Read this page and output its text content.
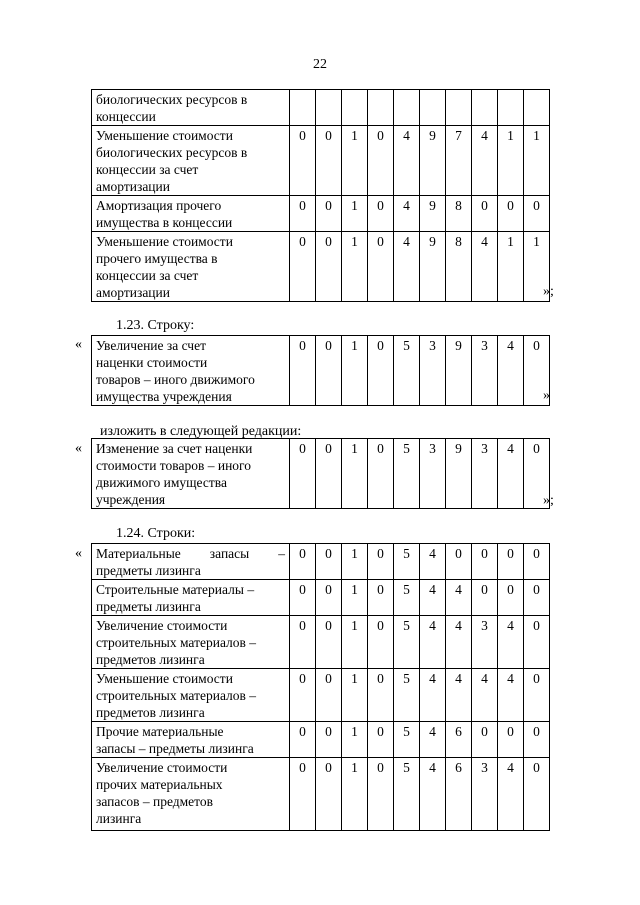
22
биологических ресурсов в
концессии										

Уменьшение стоимости
биологических ресурсов в
концессии за счет
амортизации	0	0	1	0	4	9	7	4	1	1

Амортизация прочего
имущества в концессии	0	0	1	0	4	9	8	0	0	0

Уменьшение стоимости
прочего имущества в
концессии за счет
амортизации	0	0	1	0	4	9	8	4	1	1
»;
1.23. Строку:
« Увеличение за счет
наценки стоимости
товаров – иного движимого
имущества учреждения
	0	0	1	0	5	3	9	3	4	0
»
изложить в следующей редакции:
« Изменение за счет наценки
стоимости товаров – иного
движимого имущества
учреждения
	0	0	1	0	5	3	9	3	4	0
»;
1.24. Строки:
« Материальные запасы –
предметы лизинга	0	0	1	0	5	4	0	0	0	0

Строительные материалы –
предметы лизинга	0	0	1	0	5	4	4	0	0	0

Увеличение стоимости
строительных материалов –
предметов лизинга	0	0	1	0	5	4	4	3	4	0

Уменьшение стоимости
строительных материалов –
предметов лизинга	0	0	1	0	5	4	4	4	4	0

Прочие материальные
запасы – предметы лизинга	0	0	1	0	5	4	6	0	0	0

Увеличение стоимости
прочих материальных
запасов – предметов
лизинга	0	0	1	0	5	4	6	3	4	0
